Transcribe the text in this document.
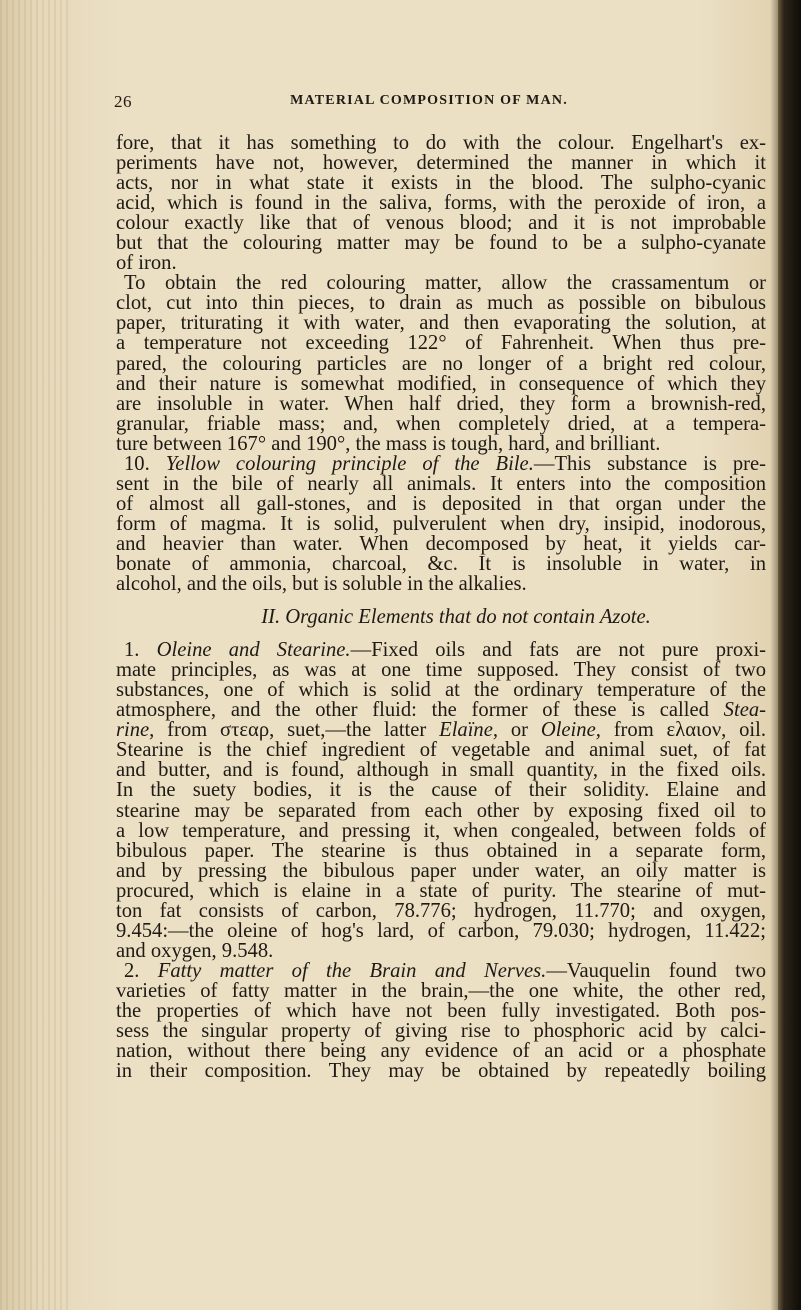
26	MATERIAL COMPOSITION OF MAN.
fore, that it has something to do with the colour. Engelhart's ex-
periments have not, however, determined the manner in which it
acts, nor in what state it exists in the blood. The sulpho-cyanic
acid, which is found in the saliva, forms, with the peroxide of iron, a
colour exactly like that of venous blood; and it is not improbable
but that the colouring matter may be found to be a sulpho-cyanate
of iron.
To obtain the red colouring matter, allow the crassamentum or
clot, cut into thin pieces, to drain as much as possible on bibulous
paper, triturating it with water, and then evaporating the solution, at
a temperature not exceeding 122° of Fahrenheit. When thus pre-
pared, the colouring particles are no longer of a bright red colour,
and their nature is somewhat modified, in consequence of which they
are insoluble in water. When half dried, they form a brownish-red,
granular, friable mass; and, when completely dried, at a tempera-
ture between 167° and 190°, the mass is tough, hard, and brilliant.
10. Yellow colouring principle of the Bile.—This substance is pre-
sent in the bile of nearly all animals. It enters into the composition
of almost all gall-stones, and is deposited in that organ under the
form of magma. It is solid, pulverulent when dry, insipid, inodorous,
and heavier than water. When decomposed by heat, it yields car-
bonate of ammonia, charcoal, &c. It is insoluble in water, in
alcohol, and the oils, but is soluble in the alkalies.
II. Organic Elements that do not contain Azote.
1. Oleine and Stearine.—Fixed oils and fats are not pure proxi-
mate principles, as was at one time supposed. They consist of two
substances, one of which is solid at the ordinary temperature of the
atmosphere, and the other fluid: the former of these is called Stea-
rine, from στεαρ, suet,—the latter Elaïne, or Oleine, from ελαιον, oil.
Stearine is the chief ingredient of vegetable and animal suet, of fat
and butter, and is found, although in small quantity, in the fixed oils.
In the suety bodies, it is the cause of their solidity. Elaine and
stearine may be separated from each other by exposing fixed oil to
a low temperature, and pressing it, when congealed, between folds of
bibulous paper. The stearine is thus obtained in a separate form,
and by pressing the bibulous paper under water, an oily matter is
procured, which is elaine in a state of purity. The stearine of mut-
ton fat consists of carbon, 78.776; hydrogen, 11.770; and oxygen,
9.454:—the oleine of hog's lard, of carbon, 79.030; hydrogen, 11.422;
and oxygen, 9.548.
2. Fatty matter of the Brain and Nerves.—Vauquelin found two
varieties of fatty matter in the brain,—the one white, the other red,
the properties of which have not been fully investigated. Both pos-
sess the singular property of giving rise to phosphoric acid by calci-
nation, without there being any evidence of an acid or a phosphate
in their composition. They may be obtained by repeatedly boiling
